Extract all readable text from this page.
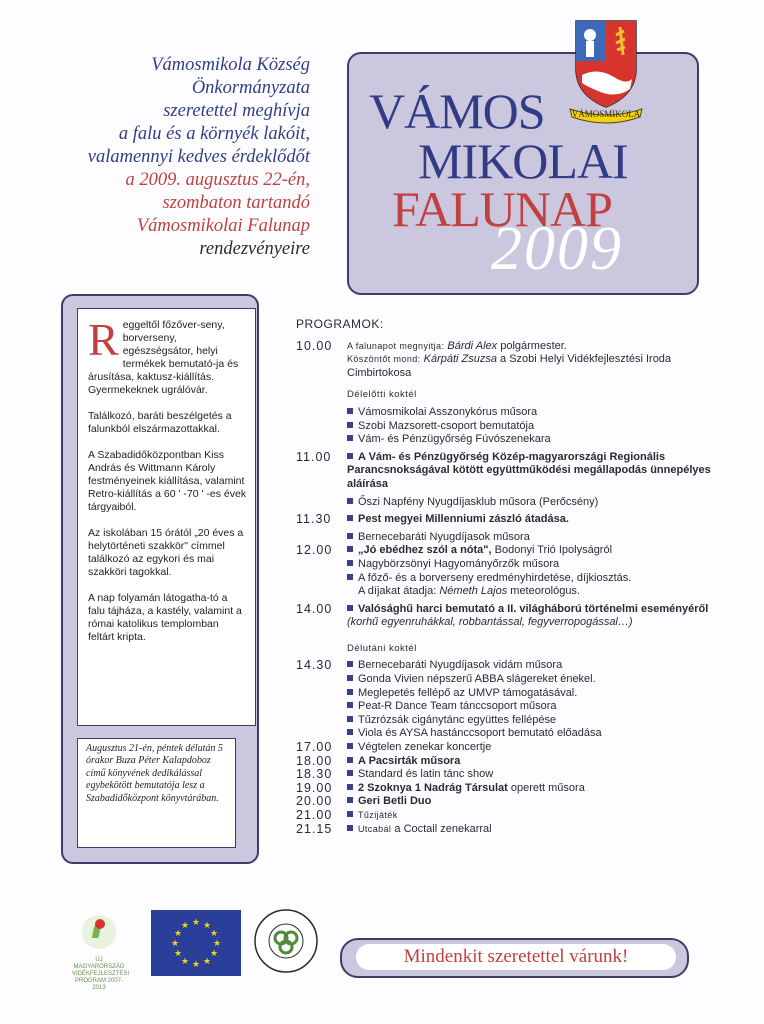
Vámosmikola Község
Önkormányzata
szeretettel meghívja
a falu és a környék lakóit,
valamennyi kedves érdeklődőt
a 2009. augusztus 22-én,
szombaton tartandó
Vámosmikolai Falunap
rendezvényeire
VÁMOS
MIKOLAI
FALUNAP
2009
VÁMOSMIKOLA

Reggeltől főzőver-seny, borverseny, egészségsátor, helyi termékek bemutató-ja és árusítása, kaktusz-kiállítás. Gyermekeknek ugrálóvár.

Találkozó, baráti beszélgetés a falunkból elszármazottakkal.

A Szabadidőközpontban Kiss András és Wittmann Károly festményeinek kiállítása, valamint Retro-kiállítás a 60 ' -70 ' -es évek tárgyaiból.

Az iskolában 15 órától „20 éves a helytörténeti szakkör" címmel találkozó az egykori és mai szakköri tagokkal.

A nap folyamán látogatha-tó a falu tájháza, a kastély, valamint a római katolikus templomban feltárt kripta.

Augusztus 21-én, péntek délután 5 órakor Buza Péter Kalapdoboz című könyvének dedikálással egybekötött bemutatója lesz a Szabadidőközpont könyvtárában.
PROGRAMOK:
10.00	A falunapot megnyitja: Bárdi Alex polgármester.
Köszöntőt mond: Kárpáti Zsuzsa a Szobi Helyi Vidékfejlesztési Iroda Cimbirtokosa
Délelőtti koktél
Vámosmikolai Asszonykórus műsora
Szobi Mazsorett-csoport bemutatója
Vám- és Pénzügyőrség Fúvószenekara
11.00	A Vám- és Pénzügyőrség Közép-magyarországi Regionális Parancsnokságával kötött együttműködési megállapodás ünnepélyes aláírása
Őszi Napfény Nyugdíjasklub műsora (Perőcsény)
11.30	Pest megyei Millenniumi zászló átadása.
Bernecebaráti Nyugdíjasok műsora
12.00	„Jó ebédhez szól a nóta", Bodonyi Trió Ipolyságról
Nagybörzsönyi Hagyományőrzők műsora
A főző- és a borverseny eredményhirdetése, díjkiosztás.
A díjakat átadja: Németh Lajos meteorológus.
14.00	Valósághű harci bemutató a II. világháború történelmi eseményéről (korhű egyenruhákkal, robbantással, fegyverropogással…)
Délutáni koktél
14.30	Bernecebaráti Nyugdíjasok vidám műsora
Gonda Vivien népszerű ABBA slágereket énekel.
Meglepetés fellépő az UMVP támogatásával.
Peat-R Dance Team tánccsoport műsora
Tűzrózsák cigánytánc együttes fellépése
Viola és AYSA hastánccsoport bemutató előadása
17.00	Végtelen zenekar koncertje
18.00	A Pacsirták műsora
18.30	Standard és latin tánc show
19.00	2 Szoknya 1 Nadrág Társulat operett műsora
20.00	Geri Betli Duo
21.00	Tűzijáték
21.15	Utcabál a Coctail zenekarral
ÚJ MAGYARORSZÁG VIDÉKFEJLESZTÉSI PROGRAM 2007-2013
★ ★
★
★
★
★
★
★
★
★
★
★
Mindenkit szeretettel várunk!
